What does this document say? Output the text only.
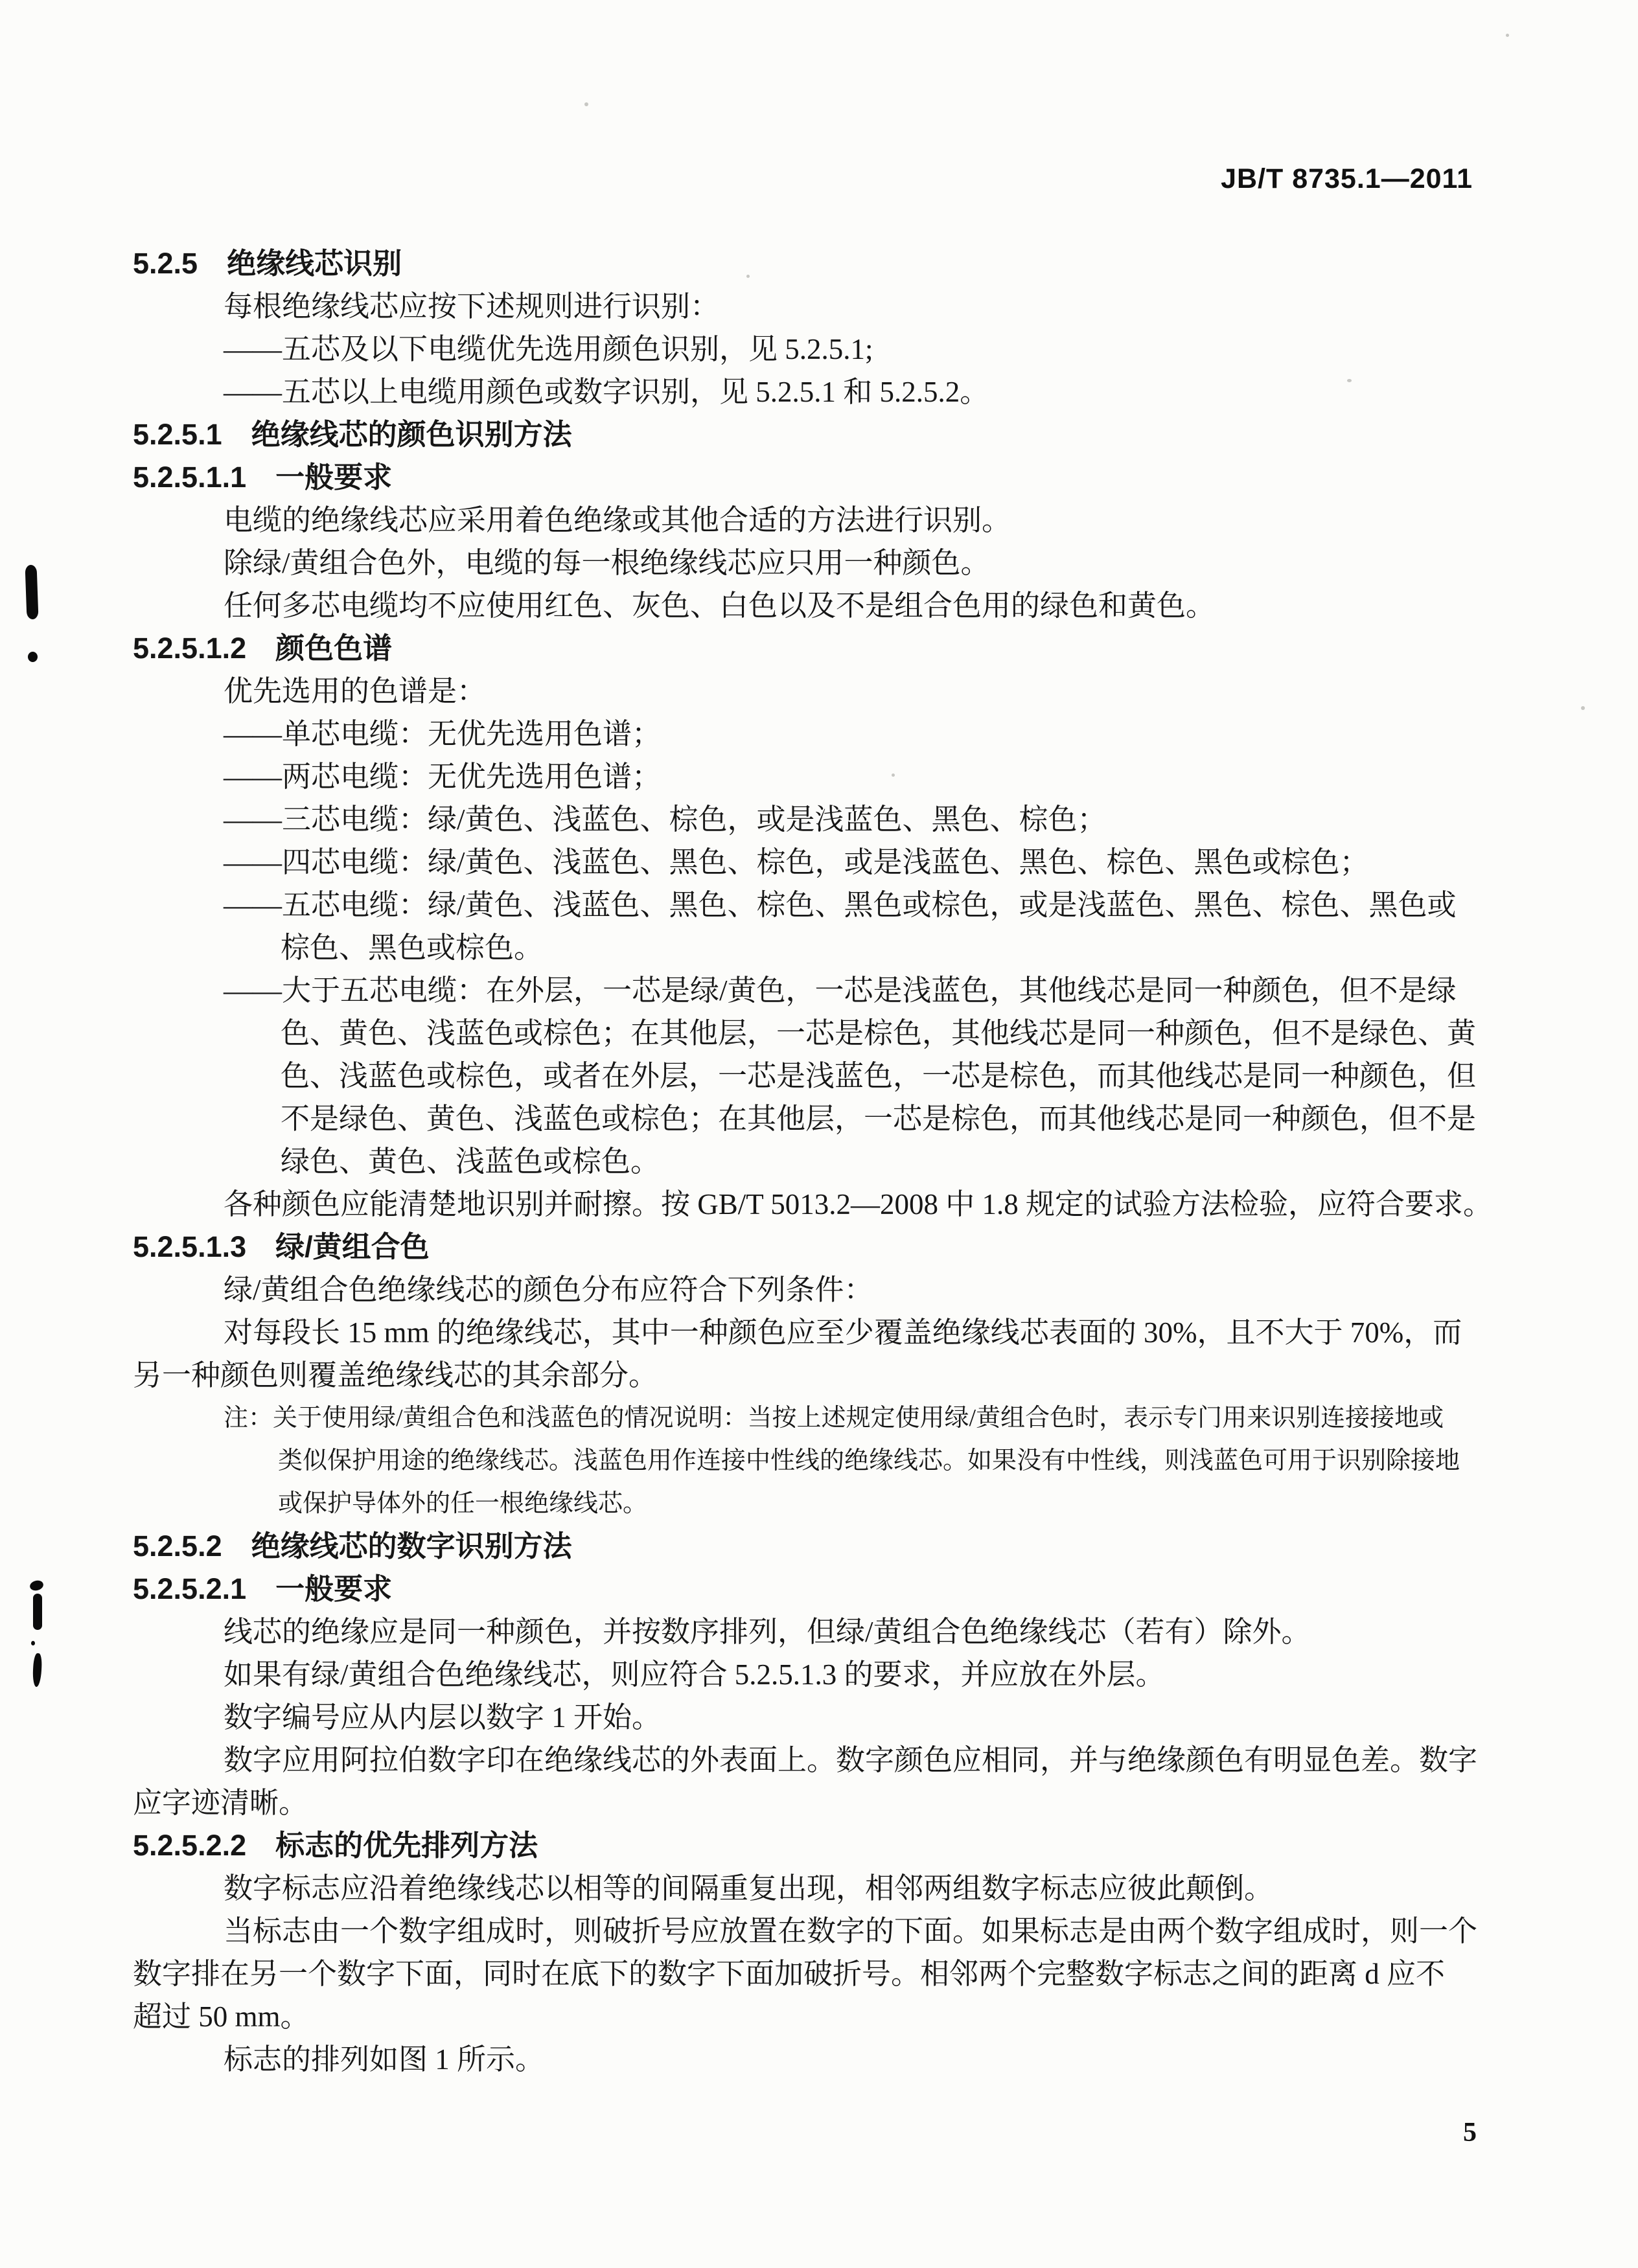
JB/T 8735.1—2011
5.2.5　绝缘线芯识别
每根绝缘线芯应按下述规则进行识别：
——五芯及以下电缆优先选用颜色识别，见 5.2.5.1;
——五芯以上电缆用颜色或数字识别，见 5.2.5.1 和 5.2.5.2。
5.2.5.1　绝缘线芯的颜色识别方法
5.2.5.1.1　一般要求
电缆的绝缘线芯应采用着色绝缘或其他合适的方法进行识别。
除绿/黄组合色外，电缆的每一根绝缘线芯应只用一种颜色。
任何多芯电缆均不应使用红色、灰色、白色以及不是组合色用的绿色和黄色。
5.2.5.1.2　颜色色谱
优先选用的色谱是：
——单芯电缆：无优先选用色谱；
——两芯电缆：无优先选用色谱；
——三芯电缆：绿/黄色、浅蓝色、棕色，或是浅蓝色、黑色、棕色；
——四芯电缆：绿/黄色、浅蓝色、黑色、棕色，或是浅蓝色、黑色、棕色、黑色或棕色；
——五芯电缆：绿/黄色、浅蓝色、黑色、棕色、黑色或棕色，或是浅蓝色、黑色、棕色、黑色或
棕色、黑色或棕色。
——大于五芯电缆：在外层，一芯是绿/黄色，一芯是浅蓝色，其他线芯是同一种颜色，但不是绿
色、黄色、浅蓝色或棕色；在其他层，一芯是棕色，其他线芯是同一种颜色，但不是绿色、黄
色、浅蓝色或棕色，或者在外层，一芯是浅蓝色，一芯是棕色，而其他线芯是同一种颜色，但
不是绿色、黄色、浅蓝色或棕色；在其他层，一芯是棕色，而其他线芯是同一种颜色，但不是
绿色、黄色、浅蓝色或棕色。
各种颜色应能清楚地识别并耐擦。按 GB/T 5013.2—2008 中 1.8 规定的试验方法检验，应符合要求。
5.2.5.1.3　绿/黄组合色
绿/黄组合色绝缘线芯的颜色分布应符合下列条件：
对每段长 15 mm 的绝缘线芯，其中一种颜色应至少覆盖绝缘线芯表面的 30%，且不大于 70%，而
另一种颜色则覆盖绝缘线芯的其余部分。
注：关于使用绿/黄组合色和浅蓝色的情况说明：当按上述规定使用绿/黄组合色时，表示专门用来识别连接接地或
类似保护用途的绝缘线芯。浅蓝色用作连接中性线的绝缘线芯。如果没有中性线，则浅蓝色可用于识别除接地
或保护导体外的任一根绝缘线芯。
5.2.5.2　绝缘线芯的数字识别方法
5.2.5.2.1　一般要求
线芯的绝缘应是同一种颜色，并按数序排列，但绿/黄组合色绝缘线芯（若有）除外。
如果有绿/黄组合色绝缘线芯，则应符合 5.2.5.1.3 的要求，并应放在外层。
数字编号应从内层以数字 1 开始。
数字应用阿拉伯数字印在绝缘线芯的外表面上。数字颜色应相同，并与绝缘颜色有明显色差。数字
应字迹清晰。
5.2.5.2.2　标志的优先排列方法
数字标志应沿着绝缘线芯以相等的间隔重复出现，相邻两组数字标志应彼此颠倒。
当标志由一个数字组成时，则破折号应放置在数字的下面。如果标志是由两个数字组成时，则一个
数字排在另一个数字下面，同时在底下的数字下面加破折号。相邻两个完整数字标志之间的距离 d 应不
超过 50 mm。
标志的排列如图 1 所示。
5
